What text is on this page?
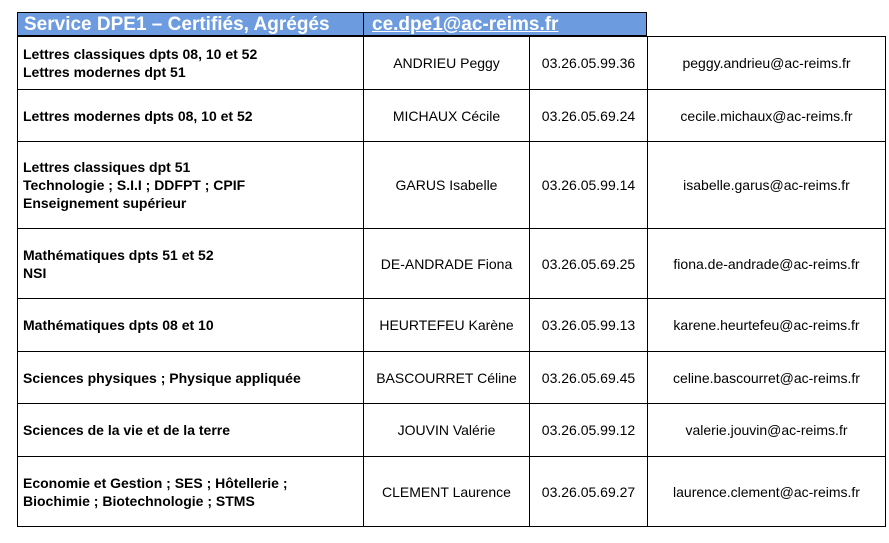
Service DPE1 – Certifiés, Agrégés ce.dpe1@ac-reims.fr
Lettres classiques dpts 08, 10 et 52
Lettres modernes dpt 51	ANDRIEU Peggy	03.26.05.99.36	peggy.andrieu@ac-reims.fr

Lettres modernes dpts 08, 10 et 52	MICHAUX Cécile	03.26.05.69.24	cecile.michaux@ac-reims.fr

Lettres classiques dpt 51
Technologie ; S.I.I ; DDFPT ; CPIF
Enseignement supérieur	GARUS Isabelle	03.26.05.99.14	isabelle.garus@ac-reims.fr

Mathématiques dpts 51 et 52
NSI	DE-ANDRADE Fiona	03.26.05.69.25	fiona.de-andrade@ac-reims.fr

Mathématiques dpts 08 et 10	HEURTEFEU Karène	03.26.05.99.13	karene.heurtefeu@ac-reims.fr

Sciences physiques ; Physique appliquée	BASCOURRET Céline	03.26.05.69.45	celine.bascourret@ac-reims.fr

Sciences de la vie et de la terre	JOUVIN Valérie	03.26.05.99.12	valerie.jouvin@ac-reims.fr

Economie et Gestion ; SES ; Hôtellerie ;
Biochimie ; Biotechnologie ; STMS	CLEMENT Laurence	03.26.05.69.27	laurence.clement@ac-reims.fr
